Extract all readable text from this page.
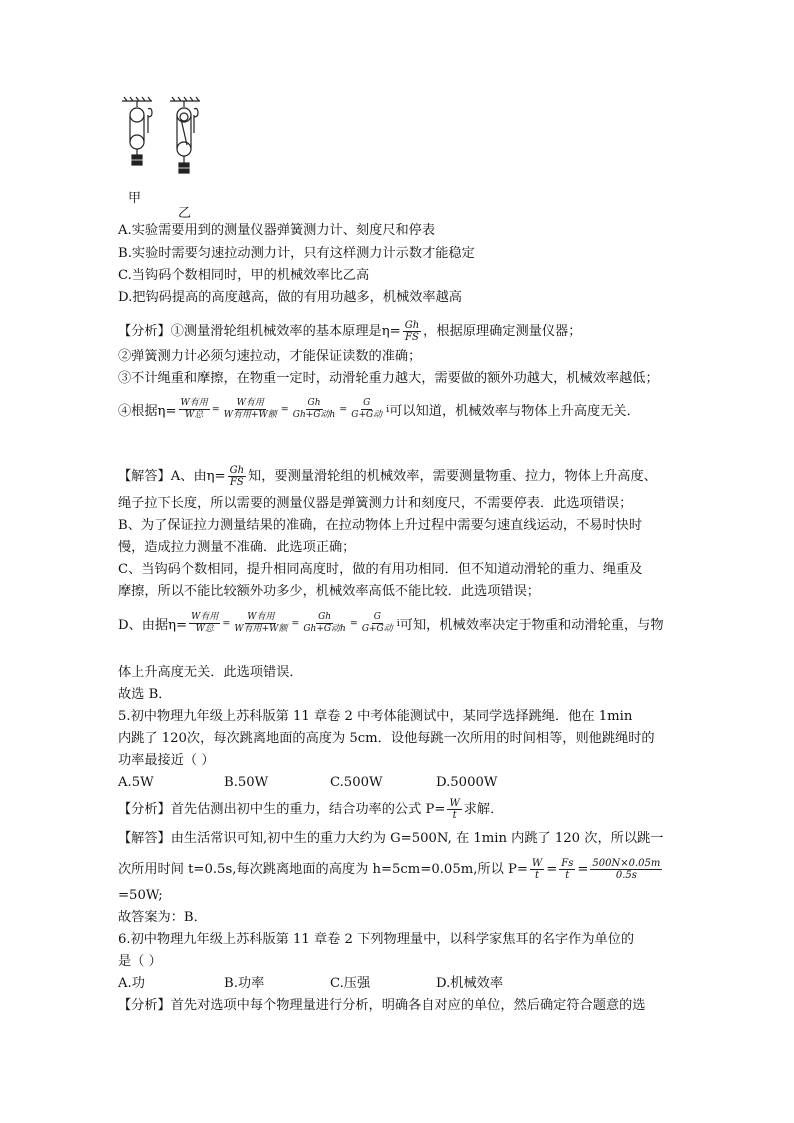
甲
乙
A.实验需要用到的测量仪器弹簧测力计、刻度尺和停表
B.实验时需要匀速拉动测力计，只有这样测力计示数才能稳定
C.当钩码个数相同时，甲的机械效率比乙高
D.把钩码提高的高度越高，做的有用功越多，机械效率越高
【分析】①测量滑轮组机械效率的基本原理是$\eta= \frac{Gh}{FS}$ ，根据原理确定测量仪器；
②弹簧测力计必须匀速拉动，才能保证读数的准确；
③不计绳重和摩擦，在物重一定时，动滑轮重力越大，需要做的额外功越大，机械效率越低；
④根据$\eta= \frac{\text{W有用}}{\text{W总}} = \frac{\text{W有用}}{\text{W有用+W额}} = \frac{Gh}{\text{Gh+G动h}} = \frac{G}{\text{G+G动}}$ i 可以知道，机械效率与物体上升高度无关．
【解答】A、由$\eta= \frac{Gh}{FS}$ 知，要测量滑轮组的机械效率，需要测量物重、拉力，物体上升高度、
绳子拉下长度，所以需要的测量仪器是弹簧测力计和刻度尺，不需要停表．此选项错误；
B、为了保证拉力测量结果的准确，在拉动物体上升过程中需要匀速直线运动，不易时快时
慢，造成拉力测量不准确．此选项正确；
C、当钩码个数相同，提升相同高度时，做的有用功相同．但不知道动滑轮的重力、绳重及
摩擦，所以不能比较额外功多少，机械效率高低不能比较．此选项错误；
D、由据$\eta= \frac{\text{W有用}}{\text{W总}} = \frac{\text{W有用}}{\text{W有用+W额}} = \frac{Gh}{\text{Gh+G动h}} = \frac{G}{\text{G+G动}}$ i 可知，机械效率决定于物重和动滑轮重，与物
体上升高度无关．此选项错误．
故选 B．
5.初中物理九年级上苏科版第 11 章卷 2 中考体能测试中，某同学选择跳绳．他在 1min
内跳了 120次，每次跳离地面的高度为 5cm．设他每跳一次所用的时间相等，则他跳绳时的
功率最接近（ ）
A.5W	B.50W	C.500W	D.5000W
【分析】首先估测出初中生的重力，结合功率的公式 $P= \frac{W}{t}$ 求解．
【解答】由生活常识可知,初中生的重力大约为 G=500N, 在 1min 内跳了 120 次，所以跳一
次所用时间 t=0.5s,每次跳离地面的高度为 h=5cm=0.05m,所以 $P= \frac{W}{t} = \frac{Fs}{t} = \frac{500N\times 0.05m}{0.5s}$
=50W;
故答案为：B．
6.初中物理九年级上苏科版第 11 章卷 2 下列物理量中，以科学家焦耳的名字作为单位的
是（ ）
A.功	B.功率	C.压强	D.机械效率
【分析】首先对选项中每个物理量进行分析，明确各自对应的单位，然后确定符合题意的选
